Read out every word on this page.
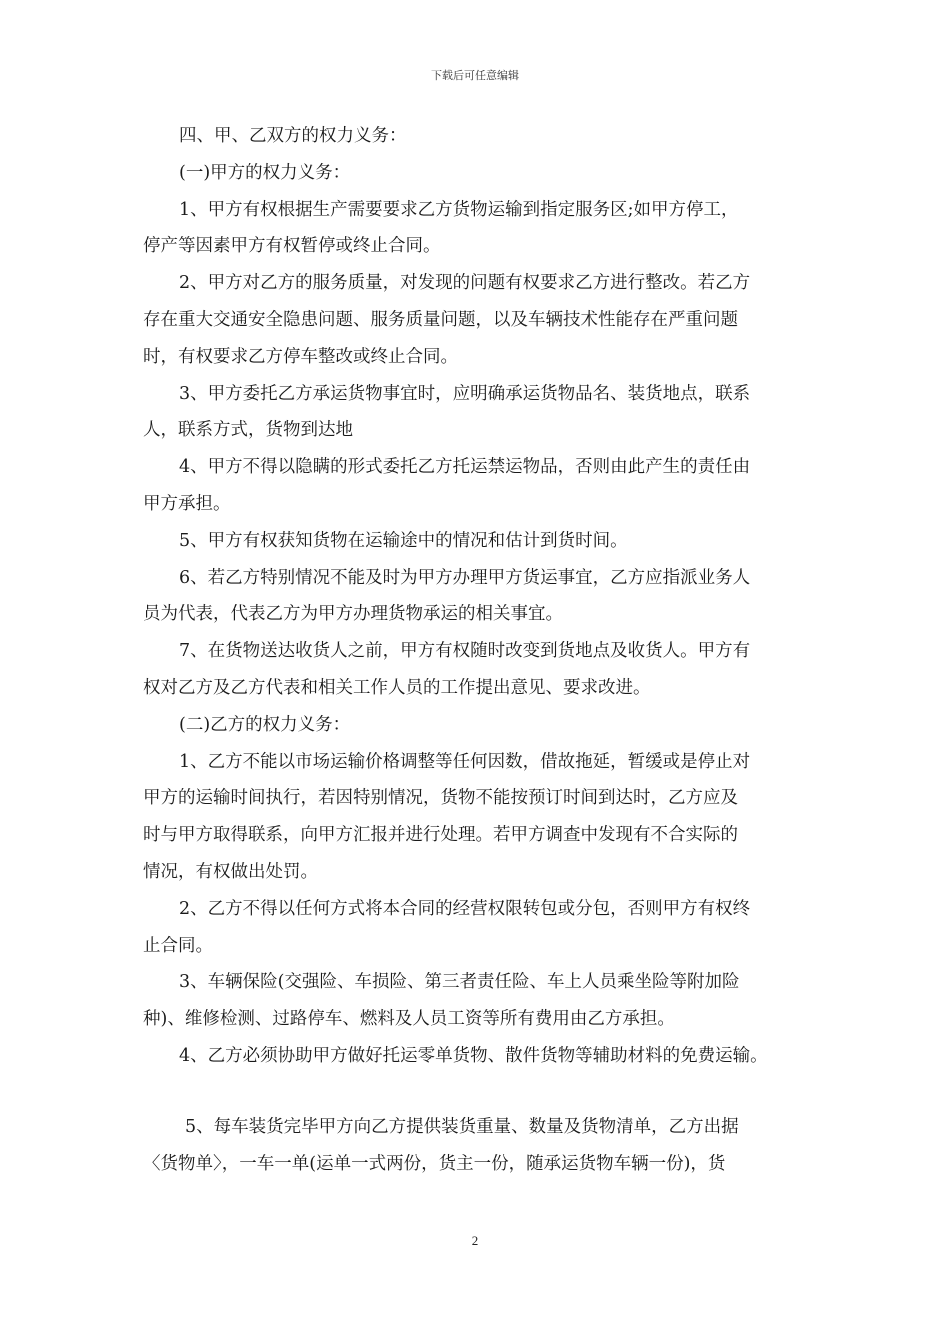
下载后可任意编辑
四、甲、乙双方的权力义务：
(一)甲方的权力义务：
1、甲方有权根据生产需要要求乙方货物运输到指定服务区;如甲方停工，
停产等因素甲方有权暂停或终止合同。
2、甲方对乙方的服务质量，对发现的问题有权要求乙方进行整改。若乙方
存在重大交通安全隐患问题、服务质量问题，以及车辆技术性能存在严重问题
时，有权要求乙方停车整改或终止合同。
3、甲方委托乙方承运货物事宜时，应明确承运货物品名、装货地点，联系
人，联系方式，货物到达地
4、甲方不得以隐瞒的形式委托乙方托运禁运物品，否则由此产生的责任由
甲方承担。
5、甲方有权获知货物在运输途中的情况和估计到货时间。
6、若乙方特别情况不能及时为甲方办理甲方货运事宜，乙方应指派业务人
员为代表，代表乙方为甲方办理货物承运的相关事宜。
7、在货物送达收货人之前，甲方有权随时改变到货地点及收货人。甲方有
权对乙方及乙方代表和相关工作人员的工作提出意见、要求改进。
(二)乙方的权力义务：
1、乙方不能以市场运输价格调整等任何因数，借故拖延，暂缓或是停止对
甲方的运输时间执行，若因特别情况，货物不能按预订时间到达时，乙方应及
时与甲方取得联系，向甲方汇报并进行处理。若甲方调查中发现有不合实际的
情况，有权做出处罚。
2、乙方不得以任何方式将本合同的经营权限转包或分包，否则甲方有权终
止合同。
3、车辆保险(交强险、车损险、第三者责任险、车上人员乘坐险等附加险
种)、维修检测、过路停车、燃料及人员工资等所有费用由乙方承担。
4、乙方必须协助甲方做好托运零单货物、散件货物等辅助材料的免费运输。
5、每车装货完毕甲方向乙方提供装货重量、数量及货物清单，乙方出据
〈货物单〉，一车一单(运单一式两份，货主一份，随承运货物车辆一份)，货
2
